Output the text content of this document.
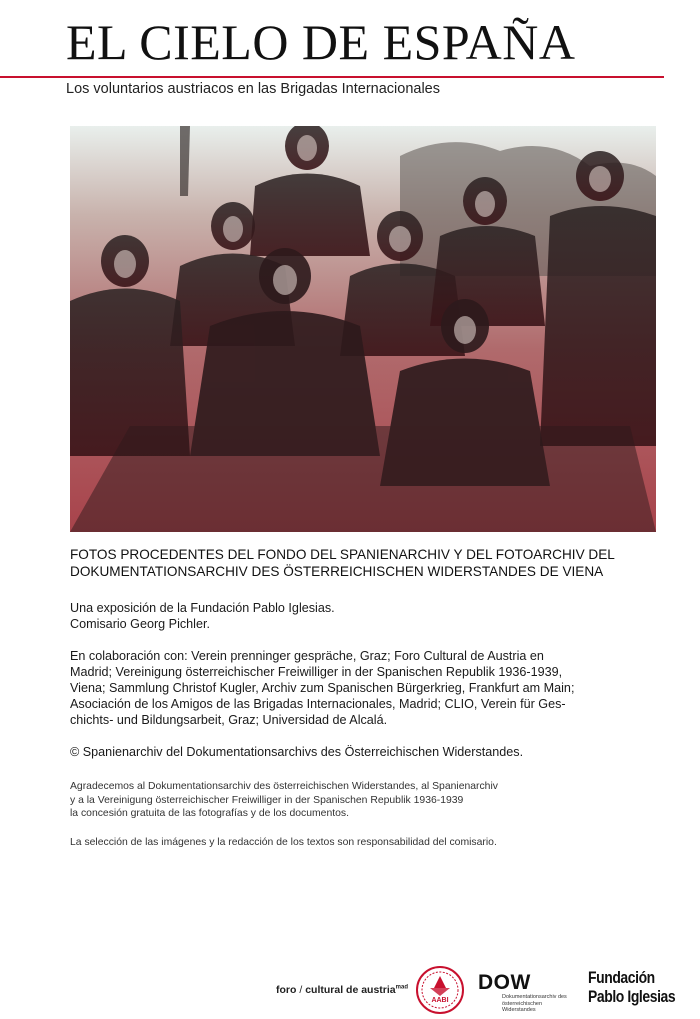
EL CIELO DE ESPAÑA
Los voluntarios austriacos en las Brigadas Internacionales
FOTOS PROCEDENTES DEL FONDO DEL SPANIENARCHIV Y DEL FOTOARCHIV DEL
DOKUMENTATIONSARCHIV DES ÖSTERREICHISCHEN WIDERSTANDES DE VIENA
Una exposición de la Fundación Pablo Iglesias.
Comisario Georg Pichler.
En colaboración con: Verein prenninger gespräche, Graz; Foro Cultural de Austria en
Madrid; Vereinigung österreichischer Freiwilliger in der Spanischen Republik 1936-1939,
Viena; Sammlung Christof Kugler, Archiv zum Spanischen Bürgerkrieg, Frankfurt am Main;
Asociación de los Amigos de las Brigadas Internacionales, Madrid; CLIO, Verein für Ges-
chichts- und Bildungsarbeit, Graz; Universidad de Alcalá.
© Spanienarchiv del Dokumentationsarchivs des Österreichischen Widerstandes.
Agradecemos al Dokumentationsarchiv des österreichischen Widerstandes, al Spanienarchiv
y a la Vereinigung österreichischer Freiwilliger in der Spanischen Republik 1936-1939
la concesión gratuita de las fotografías y de los documentos.
La selección de las imágenes y la redacción de los textos son responsabilidad del comisario.
foro / cultural de austria$^{mad}$
AABI
DOW
Dokumentationsarchiv des österreichischen Widerstandes
Fundación
Pablo Iglesias
